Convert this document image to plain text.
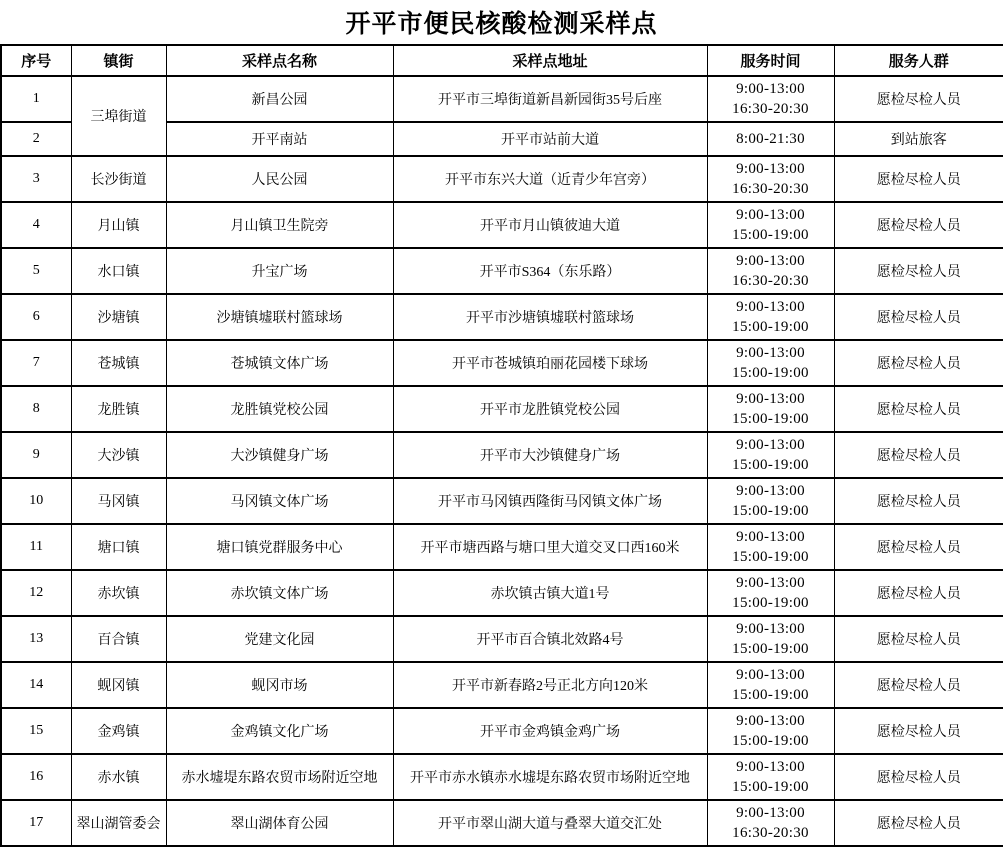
开平市便民核酸检测采样点
序号	镇街	采样点名称	采样点地址	服务时间	服务人群
1	三埠街道	新昌公园	开平市三埠街道新昌新园街35号后座	9:00-13:00
16:30-20:30	愿检尽检人员
2		开平南站	开平市站前大道	8:00-21:30	到站旅客
3	长沙街道	人民公园	开平市东兴大道（近青少年宫旁）	9:00-13:00
16:30-20:30	愿检尽检人员
4	月山镇	月山镇卫生院旁	开平市月山镇彼迪大道	9:00-13:00
15:00-19:00	愿检尽检人员
5	水口镇	升宝广场	开平市S364（东乐路）	9:00-13:00
16:30-20:30	愿检尽检人员
6	沙塘镇	沙塘镇墟联村篮球场	开平市沙塘镇墟联村篮球场	9:00-13:00
15:00-19:00	愿检尽检人员
7	苍城镇	苍城镇文体广场	开平市苍城镇珀丽花园楼下球场	9:00-13:00
15:00-19:00	愿检尽检人员
8	龙胜镇	龙胜镇党校公园	开平市龙胜镇党校公园	9:00-13:00
15:00-19:00	愿检尽检人员
9	大沙镇	大沙镇健身广场	开平市大沙镇健身广场	9:00-13:00
15:00-19:00	愿检尽检人员
10	马冈镇	马冈镇文体广场	开平市马冈镇西隆街马冈镇文体广场	9:00-13:00
15:00-19:00	愿检尽检人员
11	塘口镇	塘口镇党群服务中心	开平市塘西路与塘口里大道交叉口西160米	9:00-13:00
15:00-19:00	愿检尽检人员
12	赤坎镇	赤坎镇文体广场	赤坎镇古镇大道1号	9:00-13:00
15:00-19:00	愿检尽检人员
13	百合镇	党建文化园	开平市百合镇北效路4号	9:00-13:00
15:00-19:00	愿检尽检人员
14	蚬冈镇	蚬冈市场	开平市新春路2号正北方向120米	9:00-13:00
15:00-19:00	愿检尽检人员
15	金鸡镇	金鸡镇文化广场	开平市金鸡镇金鸡广场	9:00-13:00
15:00-19:00	愿检尽检人员
16	赤水镇	赤水墟堤东路农贸市场附近空地	开平市赤水镇赤水墟堤东路农贸市场附近空地	9:00-13:00
15:00-19:00	愿检尽检人员
17	翠山湖管委会	翠山湖体育公园	开平市翠山湖大道与叠翠大道交汇处	9:00-13:00
16:30-20:30	愿检尽检人员
